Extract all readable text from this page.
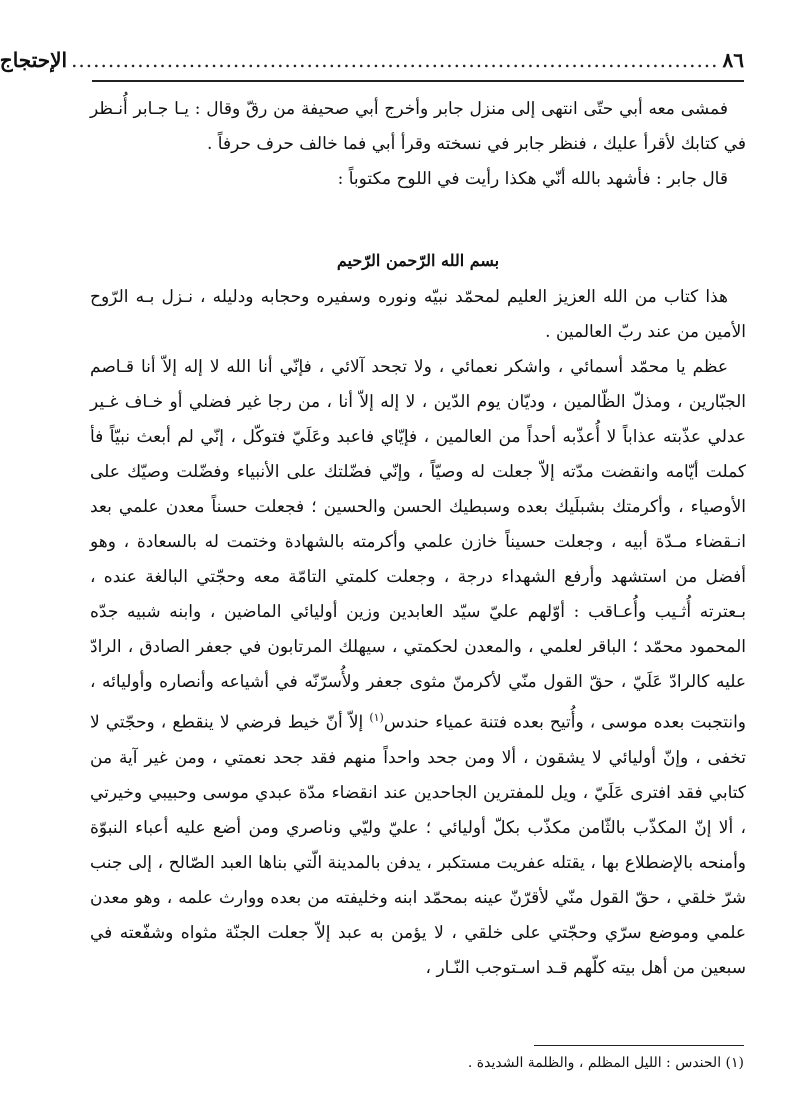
٨٦
........................................................................................
الإحتجاج

فمشى معه أبي حتّى انتهى إلى منزل جابر وأخرج أبي صحيفة من رقّ وقال : يـا جـابر أُنـظر في كتابك لأقرأ عليك ، فنظر جابر في نسخته وقرأ أبي فما خالف حرف حرفاً .

قال جابر : فأشهد بالله أنّي هكذا رأيت في اللوح مكتوباً :

بسم الله الرّحمن الرّحيم

هذا كتاب من الله العزيز العليم لمحمّد نبيّه ونوره وسفيره وحجابه ودليله ، نـزل بـه الرّوح الأمين من عند ربّ العالمين .

عظم يا محمّد أسمائي ، واشكر نعمائي ، ولا تجحد آلائي ، فإنّي أنا الله لا إله إلاّ أنا قـاصم الجبّارين ، ومذلّ الظّالمين ، وديّان يوم الدّين ، لا إله إلاّ أنا ، من رجا غير فضلي أو خـاف غـير عدلي عذّبته عذاباً لا أُعذّبه أحداً من العالمين ، فإيّاي فاعبد وعَلَيّ فتوكّل ، إنّي لم أبعث نبيّاً فأ كملت أيّامه وانقضت مدّته إلاّ جعلت له وصيّاً ، وإنّي فضّلتك على الأنبياء وفضّلت وصيّك على الأوصياء ، وأكرمتك بشبلَيك بعده وسبطيك الحسن والحسين ؛ فجعلت حسناً معدن علمي بعد انـقضاء مـدّة أبيه ، وجعلت حسيناً خازن علمي وأكرمته بالشهادة وختمت له بالسعادة ، وهو أفضل من استشهد وأرفع الشهداء درجة ، وجعلت كلمتي التامّة معه وحجّتي البالغة عنده ، بـعترته أُثـيب وأُعـاقب : أوّلهم عليّ سيّد العابدين وزين أوليائي الماضين ، وابنه شبيه جدّه المحمود محمّد ؛ الباقر لعلمي ، والمعدن لحكمتي ، سيهلك المرتابون في جعفر الصادق ، الرادّ عليه كالرادّ عَلَيّ ، حقّ القول منّي لأكرمنّ مثوى جعفر ولأُسرّنّه في أشياعه وأنصاره وأوليائه ، وانتجبت بعده موسى ، وأُتيح بعده فتنة عمياء حندس$^{(١)}$ إلاّ أنّ خيط فرضي لا ينقطع ، وحجّتي لا تخفى ، وإنّ أوليائي لا يشقون ، ألا ومن جحد واحداً منهم فقد جحد نعمتي ، ومن غير آية من كتابي فقد افترى عَلَيّ ، ويل للمفترين الجاحدين عند انقضاء مدّة عبدي موسى وحبيبي وخيرتي ، ألا إنّ المكذّب بالثّامن مكذّب بكلّ أوليائي ؛ عليّ وليّي وناصري ومن أضع عليه أعباء النبوّة وأمنحه بالإضطلاع بها ، يقتله عفريت مستكبر ، يدفن بالمدينة الّتي بناها العبد الصّالح ، إلى جنب شرّ خلقي ، حقّ القول منّي لأقرّنّ عينه بمحمّد ابنه وخليفته من بعده ووارث علمه ، وهو معدن علمي وموضع سرّي وحجّتي على خلقي ، لا يؤمن به عبد إلاّ جعلت الجنّة مثواه وشفّعته في سبعين من أهل بيته كلّهم قـد اسـتوجب النّـار ،

(١) الحندس : الليل المظلم ، والظلمة الشديدة .
